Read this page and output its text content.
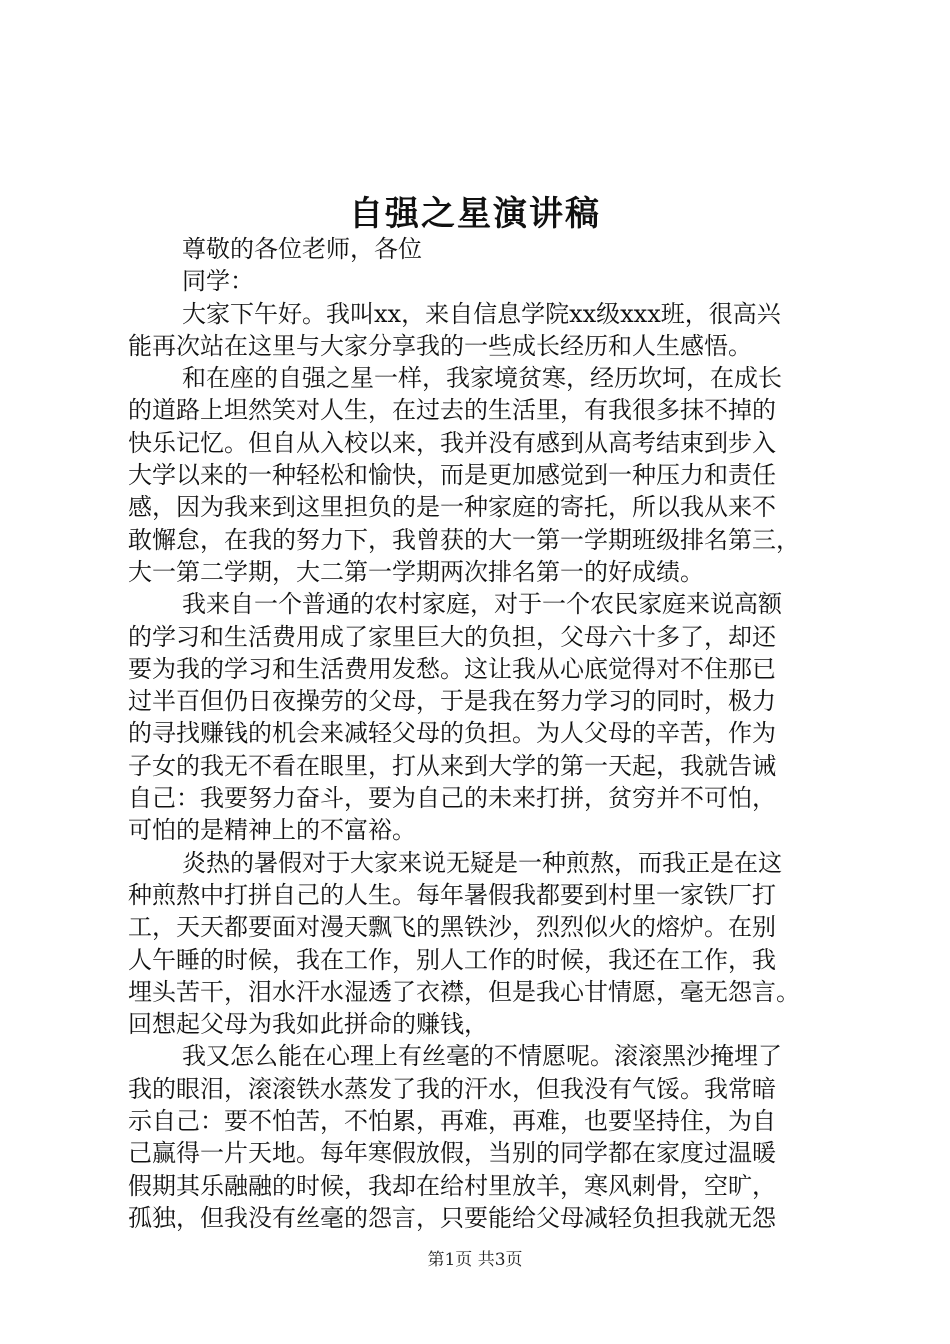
自强之星演讲稿
尊敬的各位老师，各位
同学：
大家下午好。我叫xx，来自信息学院xx级xxx班，很高兴
能再次站在这里与大家分享我的一些成长经历和人生感悟。
和在座的自强之星一样，我家境贫寒，经历坎坷，在成长
的道路上坦然笑对人生，在过去的生活里，有我很多抹不掉的
快乐记忆。但自从入校以来，我并没有感到从高考结束到步入
大学以来的一种轻松和愉快，而是更加感觉到一种压力和责任
感，因为我来到这里担负的是一种家庭的寄托，所以我从来不
敢懈怠，在我的努力下，我曾获的大一第一学期班级排名第三，
大一第二学期，大二第一学期两次排名第一的好成绩。
我来自一个普通的农村家庭，对于一个农民家庭来说高额
的学习和生活费用成了家里巨大的负担，父母六十多了，却还
要为我的学习和生活费用发愁。这让我从心底觉得对不住那已
过半百但仍日夜操劳的父母，于是我在努力学习的同时，极力
的寻找赚钱的机会来减轻父母的负担。为人父母的辛苦，作为
子女的我无不看在眼里，打从来到大学的第一天起，我就告诫
自己：我要努力奋斗，要为自己的未来打拼，贫穷并不可怕，
可怕的是精神上的不富裕。
炎热的暑假对于大家来说无疑是一种煎熬，而我正是在这
种煎熬中打拼自己的人生。每年暑假我都要到村里一家铁厂打
工，天天都要面对漫天飘飞的黑铁沙，烈烈似火的熔炉。在别
人午睡的时候，我在工作，别人工作的时候，我还在工作，我
埋头苦干，泪水汗水湿透了衣襟，但是我心甘情愿，毫无怨言。
回想起父母为我如此拼命的赚钱，
我又怎么能在心理上有丝毫的不情愿呢。滚滚黑沙掩埋了
我的眼泪，滚滚铁水蒸发了我的汗水，但我没有气馁。我常暗
示自己：要不怕苦，不怕累，再难，再难，也要坚持住，为自
己赢得一片天地。每年寒假放假，当别的同学都在家度过温暖
假期其乐融融的时候，我却在给村里放羊，寒风刺骨，空旷，
孤独，但我没有丝毫的怨言，只要能给父母减轻负担我就无怨
第1页 共3页
